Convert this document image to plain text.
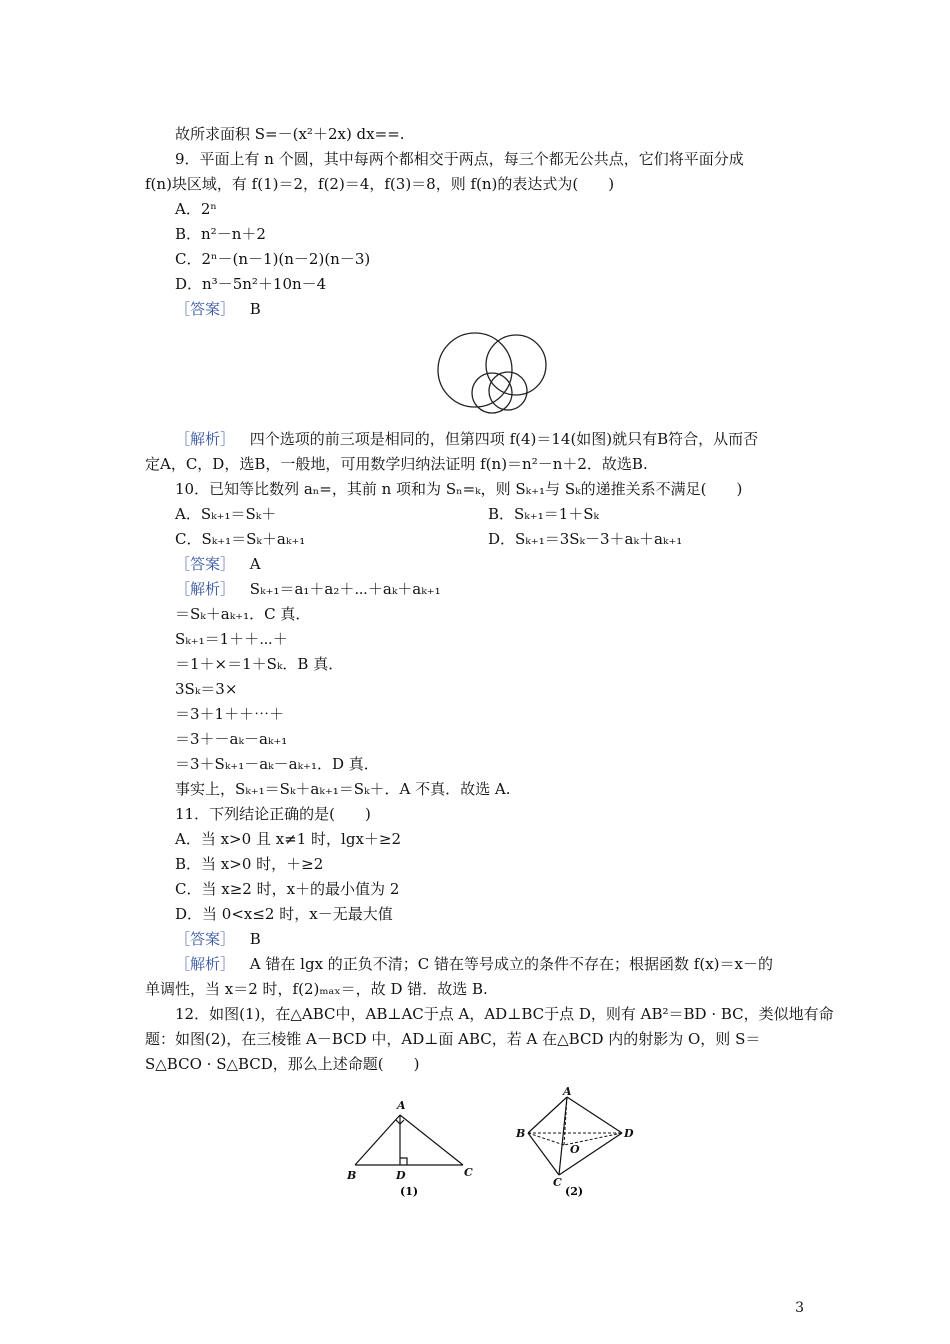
故所求面积 S=－(x²＋2x) dx==.
9．平面上有 n 个圆，其中每两个都相交于两点，每三个都无公共点，它们将平面分成
f(n)块区域，有 f(1)＝2，f(2)＝4，f(3)＝8，则 f(n)的表达式为(　　)
A．2ⁿ
B．n²－n＋2
C．2ⁿ－(n－1)(n－2)(n－3)
D．n³－5n²＋10n－4
［答案］ B
［解析］ 四个选项的前三项是相同的，但第四项 f(4)＝14(如图)就只有B符合，从而否
定A，C，D，选B，一般地，可用数学归纳法证明 f(n)＝n²－n＋2．故选B.
10．已知等比数列 aₙ=，其前 n 项和为 Sₙ=ₖ，则 Sₖ₊₁与 Sₖ的递推关系不满足(　　)
A．Sₖ₊₁＝Sₖ＋	B．Sₖ₊₁＝1＋Sₖ
C．Sₖ₊₁＝Sₖ＋aₖ₊₁	D．Sₖ₊₁＝3Sₖ－3＋aₖ＋aₖ₊₁
［答案］ A
［解析］ Sₖ₊₁＝a₁＋a₂＋⋯＋aₖ＋aₖ₊₁
＝Sₖ＋aₖ₊₁．C 真．
Sₖ₊₁＝1＋＋⋯＋
＝1＋×＝1＋Sₖ．B 真．
3Sₖ＝3×
＝3＋1＋＋⋯＋
＝3＋－aₖ－aₖ₊₁
＝3＋Sₖ₊₁－aₖ－aₖ₊₁．D 真．
事实上，Sₖ₊₁＝Sₖ＋aₖ₊₁＝Sₖ＋．A 不真．故选 A.
11．下列结论正确的是(　　)
A．当 x>0 且 x≠1 时，lgx＋≥2
B．当 x>0 时，＋≥2
C．当 x≥2 时，x＋的最小值为 2
D．当 0<x≤2 时，x－无最大值
［答案］ B
［解析］ A 错在 lgx 的正负不清；C 错在等号成立的条件不存在；根据函数 f(x)＝x－的
单调性，当 x＝2 时，f(2)ₘₐₓ＝，故 D 错．故选 B.
12．如图(1)，在△ABC中，AB⊥AC于点 A，AD⊥BC于点 D，则有 AB²＝BD · BC，类似地有命
题：如图(2)，在三棱锥 A－BCD 中，AD⊥面 ABC，若 A 在△BCD 内的射影为 O，则 S＝
S△BCO · S△BCD，那么上述命题(　　)
A
B	D	C
(1)
A
B	D
O
C
(2)
3
